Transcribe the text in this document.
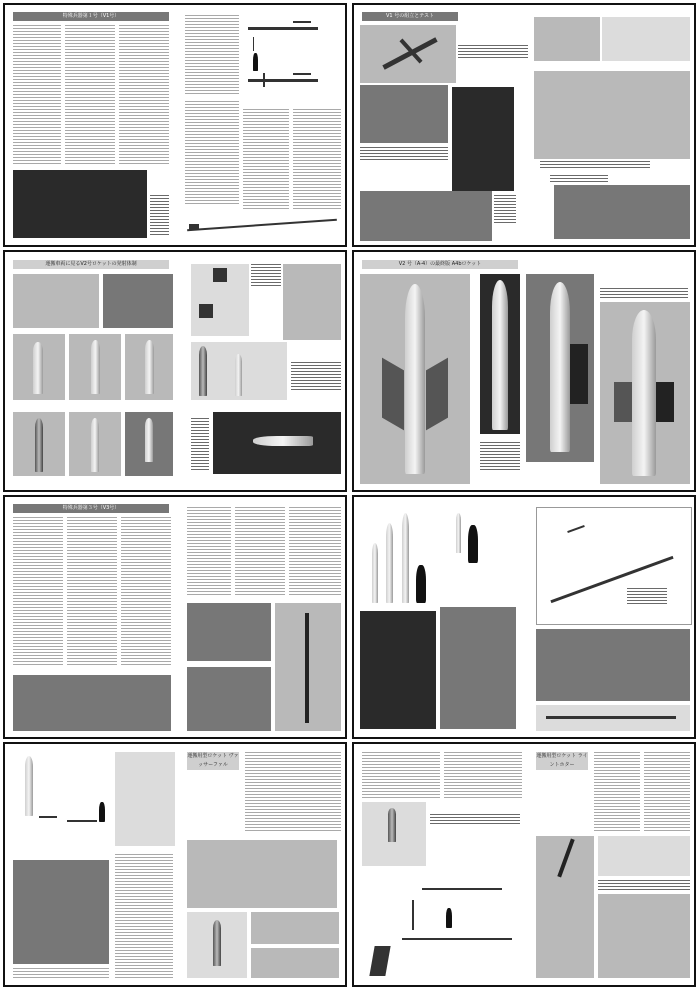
特殊兵器第１号（V1号）	V1 号の組立とテスト
運搬車両に見るV2号ロケットの発射体制	V2 号（A-4）の最終版 A4bロケット
特殊兵器第３号（V3号）
運搬用型ロケット ヴァッサーファル
運搬用型ロケット ライントホター
